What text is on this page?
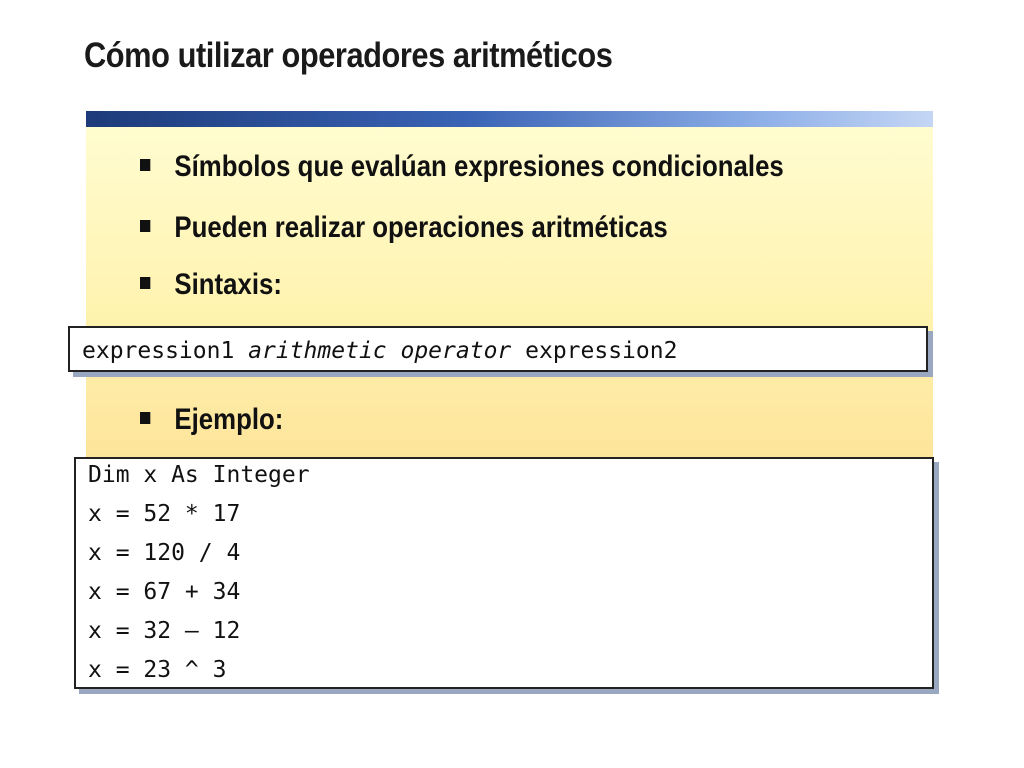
Cómo utilizar operadores aritméticos
Símbolos que evalúan expresiones condicionales
Pueden realizar operaciones aritméticas
Sintaxis:
expression1 arithmetic operator expression2
Ejemplo:
Dim x As Integer
x = 52 * 17
x = 120 / 4
x = 67 + 34
x = 32 – 12
x = 23 ^ 3
